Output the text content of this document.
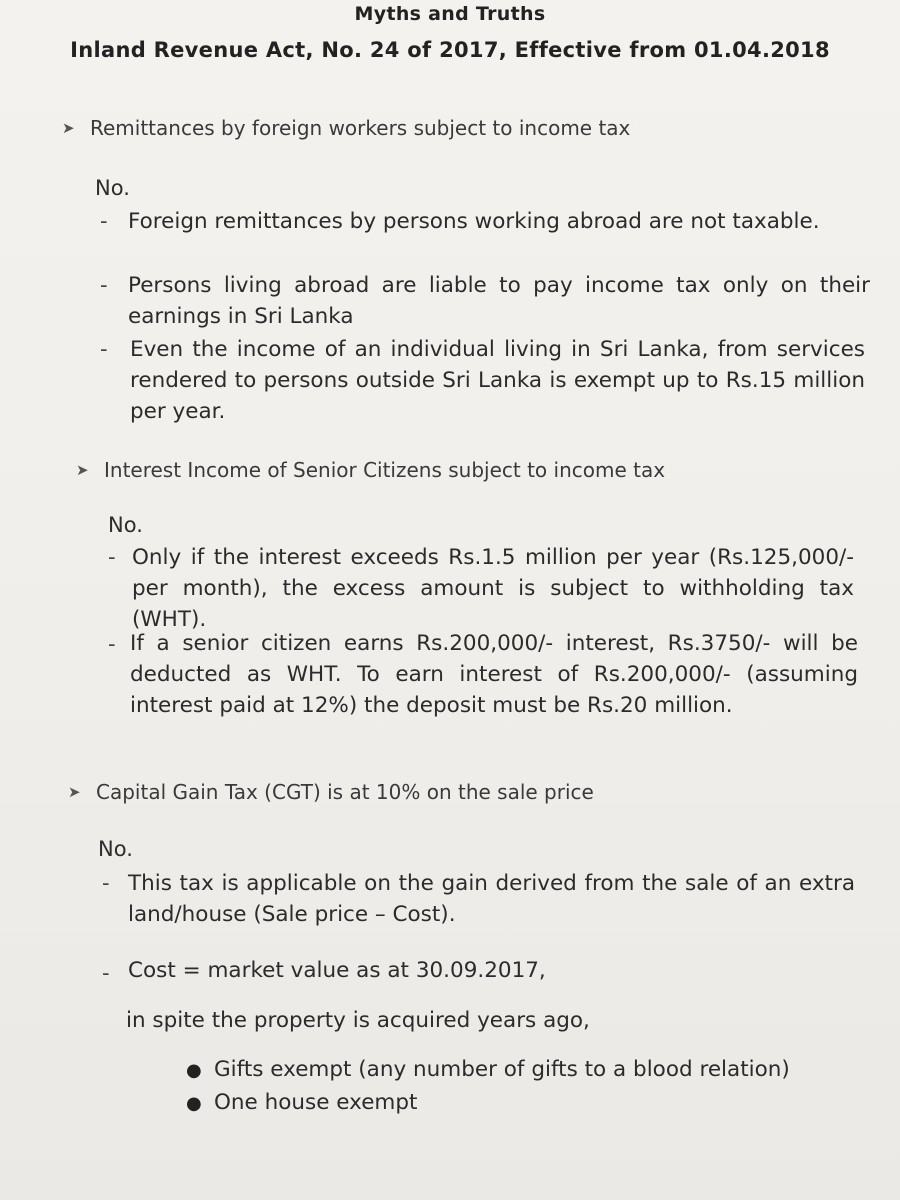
Myths and Truths
Inland Revenue Act, No. 24 of 2017, Effective from 01.04.2018
➤ Remittances by foreign workers subject to income tax
No.
- Foreign remittances by persons working abroad are not taxable.
- Persons living abroad are liable to pay income tax only on their earnings in Sri Lanka
- Even the income of an individual living in Sri Lanka, from services rendered to persons outside Sri Lanka is exempt up to Rs.15 million per year.
➤ Interest Income of Senior Citizens subject to income tax
No.
- Only if the interest exceeds Rs.1.5 million per year (Rs.125,000/- per month), the excess amount is subject to withholding tax (WHT).
- If a senior citizen earns Rs.200,000/- interest, Rs.3750/- will be deducted as WHT. To earn interest of Rs.200,000/- (assuming interest paid at 12%) the deposit must be Rs.20 million.
➤ Capital Gain Tax (CGT) is at 10% on the sale price
No.
- This tax is applicable on the gain derived from the sale of an extra land/house (Sale price – Cost).
- Cost = market value as at 30.09.2017,
in spite the property is acquired years ago,
● Gifts exempt (any number of gifts to a blood relation)
● One house exempt
